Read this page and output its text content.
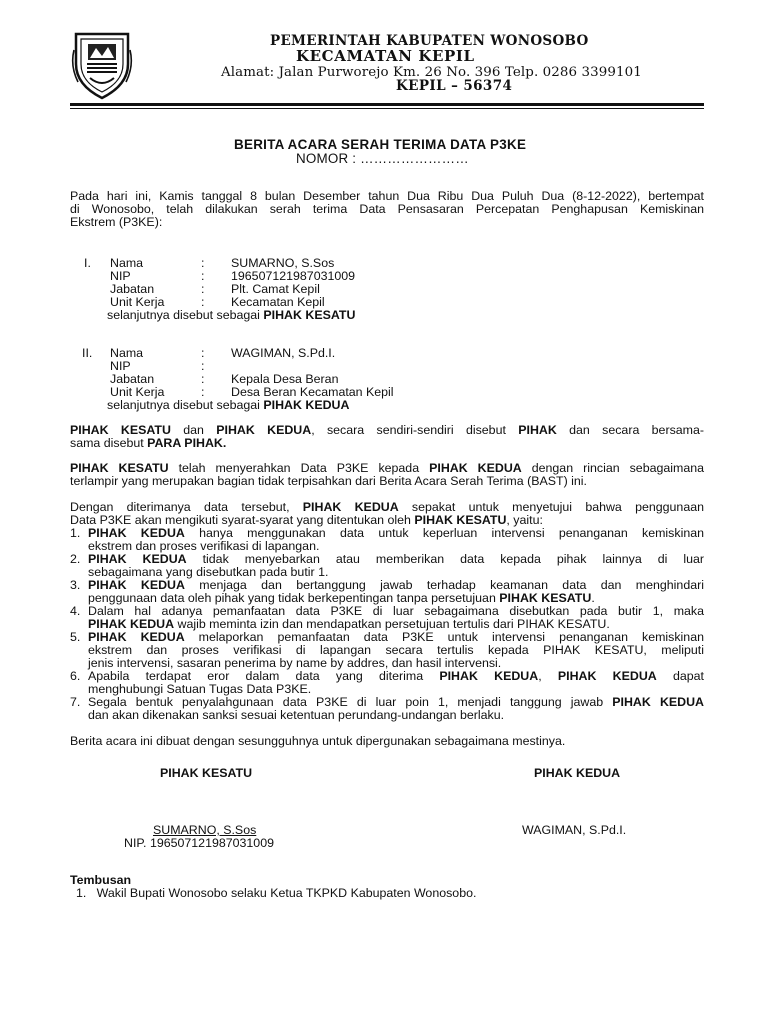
PEMERINTAH KABUPATEN WONOSOBO
KECAMATAN KEPIL
Alamat: Jalan Purworejo Km. 26 No. 396 Telp. 0286 3399101
KEPIL – 56374
BERITA ACARA SERAH TERIMA DATA P3KE
NOMOR : ……………………
Pada hari ini, Kamis tanggal 8 bulan Desember tahun Dua Ribu Dua Puluh Dua (8-12-2022), bertempat
di Wonosobo, telah dilakukan serah terima Data Pensasaran Percepatan Penghapusan Kemiskinan
Ekstrem (P3KE):
I. Nama
NIP
Jabatan
Unit Kerja
:
:
:
:
SUMARNO, S.Sos
196507121987031009
Plt. Camat Kepil
Kecamatan Kepil
selanjutnya disebut sebagai PIHAK KESATU
II. Nama
NIP
Jabatan
Unit Kerja
:
:
:
:
WAGIMAN, S.Pd.I.
Kepala Desa Beran
Desa Beran Kecamatan Kepil
selanjutnya disebut sebagai PIHAK KEDUA
PIHAK KESATU dan PIHAK KEDUA, secara sendiri-sendiri disebut PIHAK dan secara bersama-
sama disebut PARA PIHAK.
PIHAK KESATU telah menyerahkan Data P3KE kepada PIHAK KEDUA dengan rincian sebagaimana
terlampir yang merupakan bagian tidak terpisahkan dari Berita Acara Serah Terima (BAST) ini.
Dengan diterimanya data tersebut, PIHAK KEDUA sepakat untuk menyetujui bahwa penggunaan
Data P3KE akan mengikuti syarat-syarat yang ditentukan oleh PIHAK KESATU, yaitu:
1. PIHAK KEDUA hanya menggunakan data untuk keperluan intervensi penanganan kemiskinan
ekstrem dan proses verifikasi di lapangan.
2. PIHAK KEDUA tidak menyebarkan atau memberikan data kepada pihak lainnya di luar
sebagaimana yang disebutkan pada butir 1.
3. PIHAK KEDUA menjaga dan bertanggung jawab terhadap keamanan data dan menghindari
penggunaan data oleh pihak yang tidak berkepentingan tanpa persetujuan PIHAK KESATU.
4. Dalam hal adanya pemanfaatan data P3KE di luar sebagaimana disebutkan pada butir 1, maka
PIHAK KEDUA wajib meminta izin dan mendapatkan persetujuan tertulis dari PIHAK KESATU.
5. PIHAK KEDUA melaporkan pemanfaatan data P3KE untuk intervensi penanganan kemiskinan
ekstrem dan proses verifikasi di lapangan secara tertulis kepada PIHAK KESATU, meliputi
jenis intervensi, sasaran penerima by name by addres, dan hasil intervensi.
6. Apabila terdapat eror dalam data yang diterima PIHAK KEDUA, PIHAK KEDUA dapat
menghubungi Satuan Tugas Data P3KE.
7. Segala bentuk penyalahgunaan data P3KE di luar poin 1, menjadi tanggung jawab PIHAK KEDUA
dan akan dikenakan sanksi sesuai ketentuan perundang-undangan berlaku.
Berita acara ini dibuat dengan sesungguhnya untuk dipergunakan sebagaimana mestinya.
PIHAK KESATU	PIHAK KEDUA
SUMARNO, S.Sos
NIP. 196507121987031009
WAGIMAN, S.Pd.I.
Tembusan
1.   Wakil Bupati Wonosobo selaku Ketua TKPKD Kabupaten Wonosobo.
